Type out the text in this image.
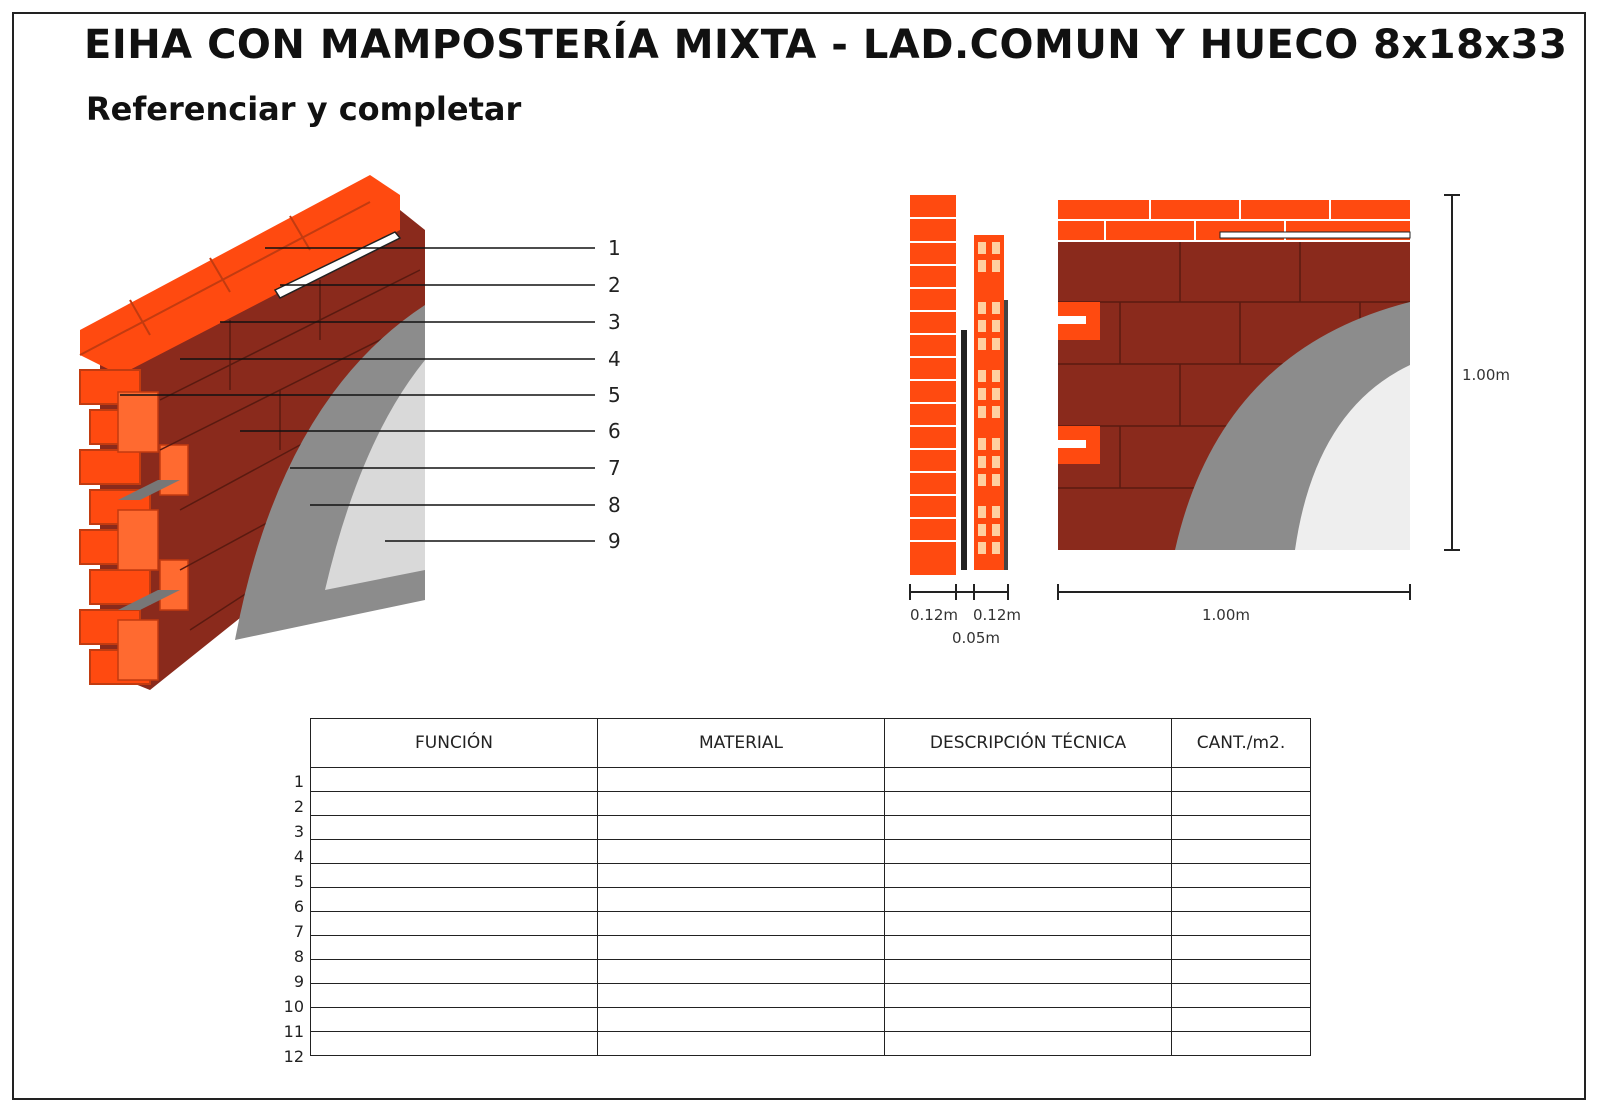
EIHA CON MAMPOSTERÍA MIXTA - LAD.COMUN Y HUECO 8x18x33
Referenciar y completar
1
2
3
4
5
6
7
8
9
0.12m 0.12m
0.05m
1.00m
1.00m
FUNCIÓN	MATERIAL	DESCRIPCIÓN TÉCNICA	CANT./m2.

1
2
3
4
5
6
7
8
9
10
11
12
